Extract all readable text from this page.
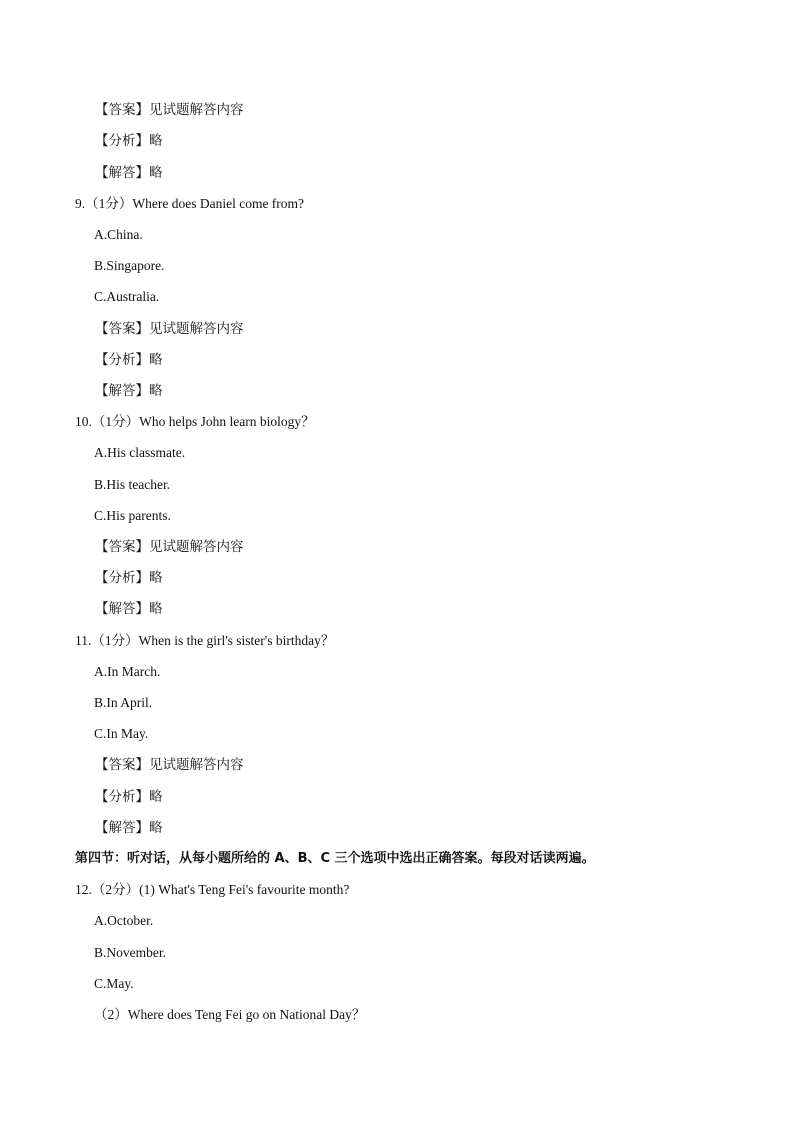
【答案】见试题解答内容
【分析】略
【解答】略
9.（1分）Where does Daniel come from?
A.China.
B.Singapore.
C.Australia.
【答案】见试题解答内容
【分析】略
【解答】略
10.（1分）Who helps John learn biology？
A.His classmate.
B.His teacher.
C.His parents.
【答案】见试题解答内容
【分析】略
【解答】略
11.（1分）When is the girl's sister's birthday？
A.In March.
B.In April.
C.In May.
【答案】见试题解答内容
【分析】略
【解答】略
第四节：听对话，从每小题所给的 A、B、C 三个选项中选出正确答案。每段对话读两遍。
12.（2分）(1) What's Teng Fei's favourite month?
A.October.
B.November.
C.May.
（2）Where does Teng Fei go on National Day？
